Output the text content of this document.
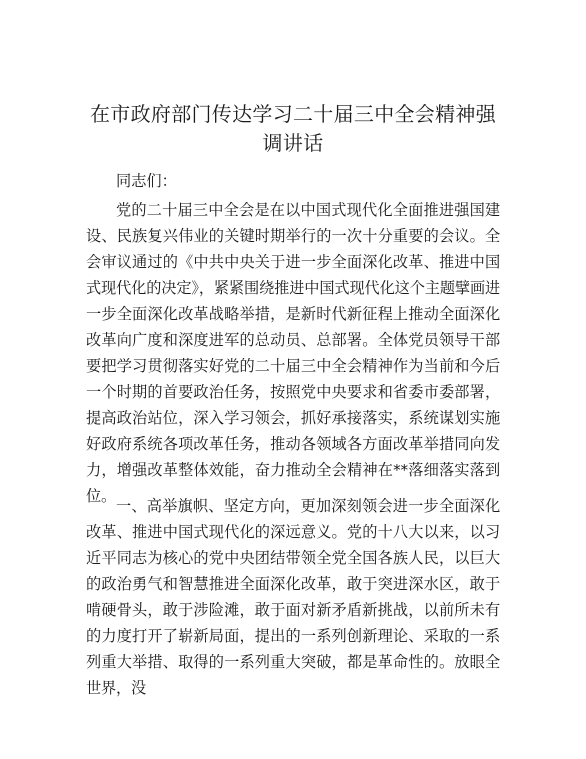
在市政府部门传达学习二十届三中全会精神强调讲话

同志们：

党的二十届三中全会是在以中国式现代化全面推进强国建设、民族复兴伟业的关键时期举行的一次十分重要的会议。全会审议通过的《中共中央关于进一步全面深化改革、推进中国式现代化的决定》，紧紧围绕推进中国式现代化这个主题擘画进一步全面深化改革战略举措，是新时代新征程上推动全面深化改革向广度和深度进军的总动员、总部署。全体党员领导干部要把学习贯彻落实好党的二十届三中全会精神作为当前和今后一个时期的首要政治任务，按照党中央要求和省委市委部署，提高政治站位，深入学习领会，抓好承接落实，系统谋划实施好政府系统各项改革任务，推动各领域各方面改革举措同向发力，增强改革整体效能，奋力推动全会精神在**落细落实落到位。

一、高举旗帜、坚定方向，更加深刻领会进一步全面深化改革、推进中国式现代化的深远意义。党的十八大以来，以习近平同志为核心的党中央团结带领全党全国各族人民，以巨大的政治勇气和智慧推进全面深化改革，敢于突进深水区，敢于啃硬骨头，敢于涉险滩，敢于面对新矛盾新挑战，以前所未有的力度打开了崭新局面，提出的一系列创新理论、采取的一系列重大举措、取得的一系列重大突破，都是革命性的。放眼全世界，没
